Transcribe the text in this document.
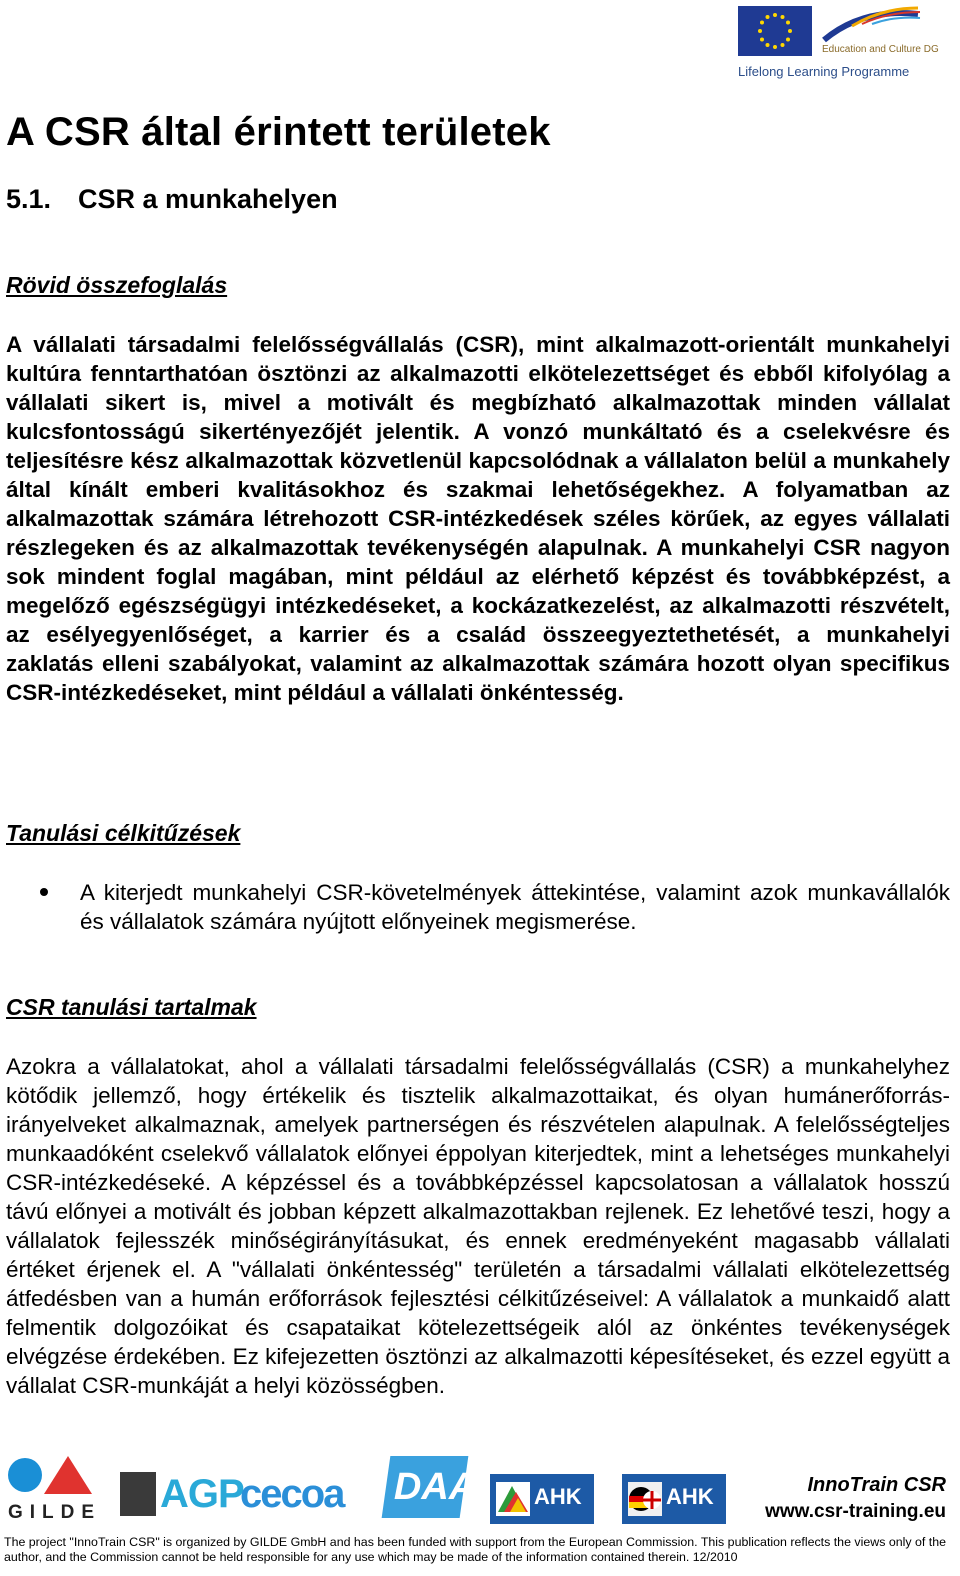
Education and Culture DG
Lifelong Learning Programme
A CSR által érintett területek
5.1. CSR a munkahelyen
Rövid összefoglalás

A vállalati társadalmi felelősségvállalás (CSR), mint alkalmazott-orientált munkahelyi kultúra fenntarthatóan ösztönzi az alkalmazotti elkötelezettséget és ebből kifolyólag a vállalati sikert is, mivel a motivált és megbízható alkalmazottak minden vállalat kulcsfontosságú sikertényezőjét jelentik. A vonzó munkáltató és a cselekvésre és teljesítésre kész alkalmazottak közvetlenül kapcsolódnak a vállalaton belül a munkahely által kínált emberi kvalitásokhoz és szakmai lehetőségekhez. A folyamatban az alkalmazottak számára létrehozott CSR-intézkedések széles körűek, az egyes vállalati részlegeken és az alkalmazottak tevékenységén alapulnak. A munkahelyi CSR nagyon sok mindent foglal magában, mint például az elérhető képzést és továbbképzést, a megelőző egészségügyi intézkedéseket, a kockázatkezelést, az alkalmazotti részvételt, az esélyegyenlőséget, a karrier és a család összeegyeztethetését, a munkahelyi zaklatás elleni szabályokat, valamint az alkalmazottak számára hozott olyan specifikus CSR-intézkedéseket, mint például a vállalati önkéntesség.

Tanulási célkitűzések

A kiterjedt munkahelyi CSR-követelmények áttekintése, valamint azok munkavállalók és vállalatok számára nyújtott előnyeinek megismerése.

CSR tanulási tartalmak

Azokra a vállalatokat, ahol a vállalati társadalmi felelősségvállalás (CSR) a munkahelyhez kötődik jellemző, hogy értékelik és tisztelik alkalmazottaikat, és olyan humánerőforrás-irányelveket alkalmaznak, amelyek partnerségen és részvételen alapulnak. A felelősségteljes munkaadóként cselekvő vállalatok előnyei éppolyan kiterjedtek, mint a lehetséges munkahelyi CSR-intézkedéseké. A képzéssel és a továbbképzéssel kapcsolatosan a vállalatok hosszú távú előnyei a motivált és jobban képzett alkalmazottakban rejlenek. Ez lehetővé teszi, hogy a vállalatok fejlesszék minőségirányításukat, és ennek eredményeként magasabb vállalati értéket érjenek el. A "vállalati önkéntesség" területén a társadalmi vállalati elkötelezettség átfedésben van a humán erőforrások fejlesztési célkitűzéseivel: A vállalatok a munkaidő alatt felmentik dolgozóikat és csapataikat kötelezettségeik alól az önkéntes tevékenységek elvégzése érdekében. Ez kifejezetten ösztönzi az alkalmazotti képesítéseket, és ezzel együtt a vállalat CSR-munkáját a helyi közösségben.

GILDE AGP
cecoa DAA	AHK	AHK	InnoTrain CSR
www.csr-training.eu

The project "InnoTrain CSR" is organized by GILDE GmbH and has been funded with support from the European Commission. This publication reflects the views only of the author, and the Commission cannot be held responsible for any use which may be made of the information contained therein. 12/2010
